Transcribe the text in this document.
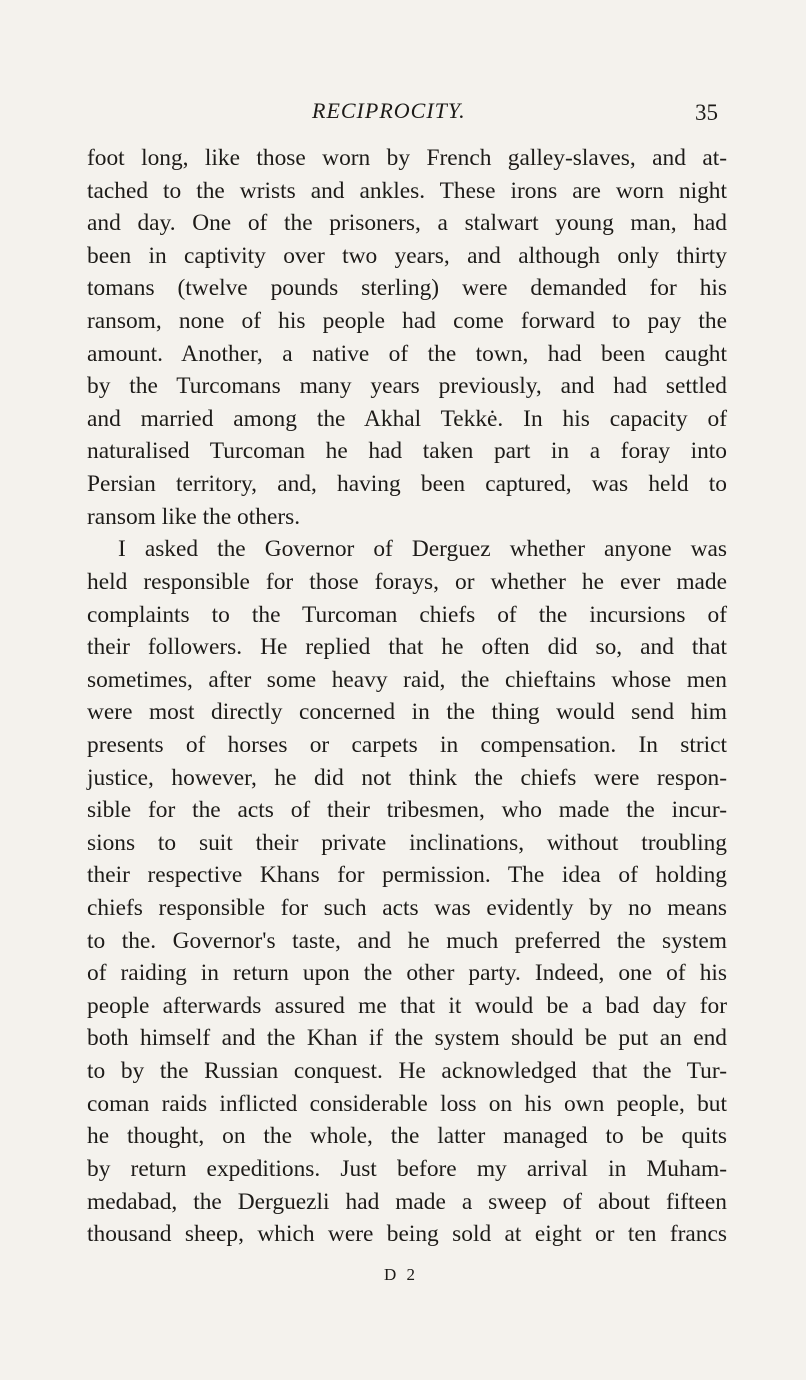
RECIPROCITY.	35
foot long, like those worn by French galley-slaves, and at-
tached to the wrists and ankles. These irons are worn night
and day. One of the prisoners, a stalwart young man, had
been in captivity over two years, and although only thirty
tomans (twelve pounds sterling) were demanded for his
ransom, none of his people had come forward to pay the
amount. Another, a native of the town, had been caught
by the Turcomans many years previously, and had settled
and married among the Akhal Tekkė. In his capacity of
naturalised Turcoman he had taken part in a foray into
Persian territory, and, having been captured, was held to
ransom like the others.
I asked the Governor of Derguez whether anyone was
held responsible for those forays, or whether he ever made
complaints to the Turcoman chiefs of the incursions of
their followers. He replied that he often did so, and that
sometimes, after some heavy raid, the chieftains whose men
were most directly concerned in the thing would send him
presents of horses or carpets in compensation. In strict
justice, however, he did not think the chiefs were respon-
sible for the acts of their tribesmen, who made the incur-
sions to suit their private inclinations, without troubling
their respective Khans for permission. The idea of holding
chiefs responsible for such acts was evidently by no means
to the. Governor's taste, and he much preferred the system
of raiding in return upon the other party. Indeed, one of his
people afterwards assured me that it would be a bad day for
both himself and the Khan if the system should be put an end
to by the Russian conquest. He acknowledged that the Tur-
coman raids inflicted considerable loss on his own people, but
he thought, on the whole, the latter managed to be quits
by return expeditions. Just before my arrival in Muham-
medabad, the Derguezli had made a sweep of about fifteen
thousand sheep, which were being sold at eight or ten francs
D 2
